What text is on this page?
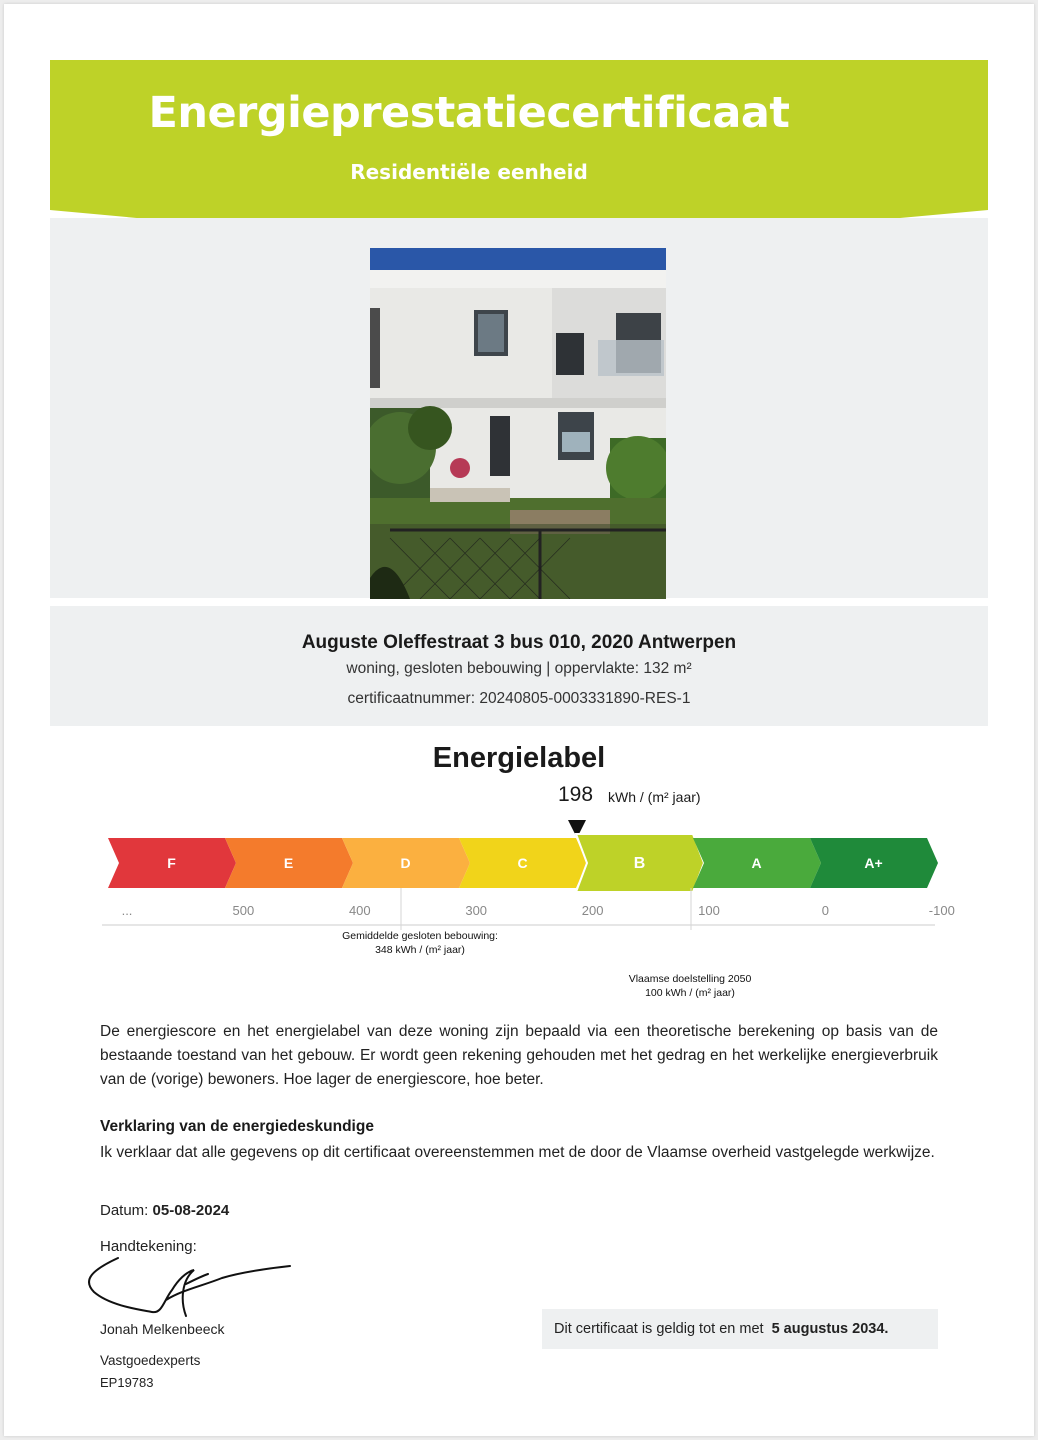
Energieprestatiecertificaat
Residentiële eenheid
Auguste Oleffestraat 3 bus 010, 2020 Antwerpen
woning, gesloten bebouwing | oppervlakte: 132 m²
certificaatnummer: 20240805-0003331890-RES-1
Energielabel
198 kWh / (m² jaar)
F	E	D	C	B	A	A+
...	500	400	300	200	100	0	-100
Gemiddelde gesloten bebouwing:
348 kWh / (m² jaar)
Vlaamse doelstelling 2050
100 kWh / (m² jaar)
De energiescore en het energielabel van deze woning zijn bepaald via een theoretische berekening op basis van de bestaande toestand van het gebouw. Er wordt geen rekening gehouden met het gedrag en het werkelijke energieverbruik van de (vorige) bewoners. Hoe lager de energiescore, hoe beter.
Verklaring van de energiedeskundige
Ik verklaar dat alle gegevens op dit certificaat overeenstemmen met de door de Vlaamse overheid vastgelegde werkwijze.
Datum: 05-08-2024
Handtekening:
Jonah Melkenbeeck
Vastgoedexperts
EP19783
Dit certificaat is geldig tot en met 5 augustus 2034.
